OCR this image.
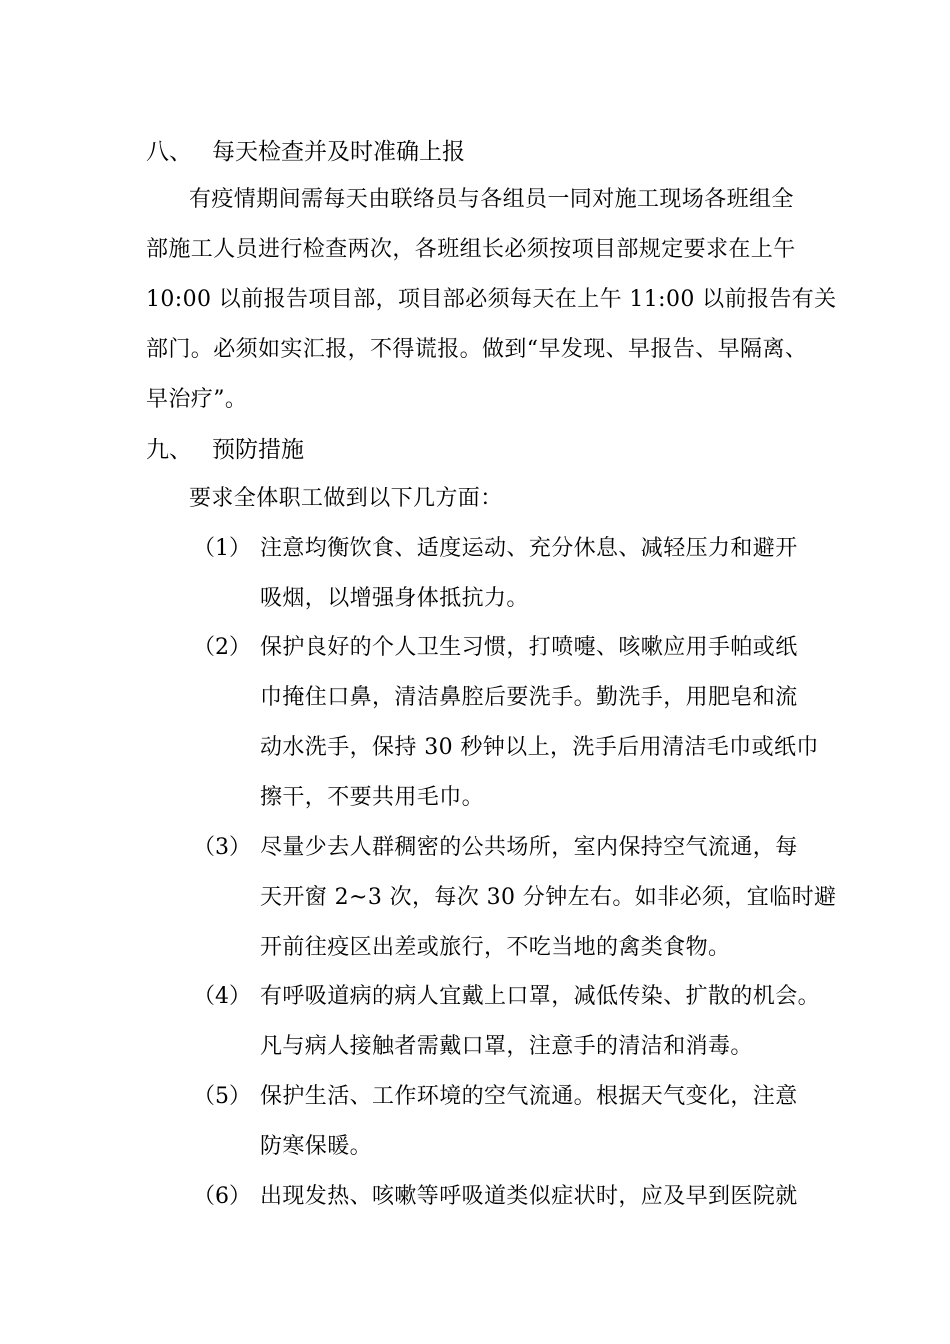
八、 每天检查并及时准确上报
有疫情期间需每天由联络员与各组员一同对施工现场各班组全
部施工人员进行检查两次，各班组长必须按项目部规定要求在上午
10:00 以前报告项目部，项目部必须每天在上午 11:00 以前报告有关
部门。必须如实汇报，不得谎报。做到“早发现、早报告、早隔离、
早治疗”。
九、 预防措施
要求全体职工做到以下几方面：
（1） 注意均衡饮食、适度运动、充分休息、减轻压力和避开
吸烟，以增强身体抵抗力。
（2） 保护良好的个人卫生习惯，打喷嚏、咳嗽应用手帕或纸
巾掩住口鼻，清洁鼻腔后要洗手。勤洗手，用肥皂和流
动水洗手，保持 30 秒钟以上，洗手后用清洁毛巾或纸巾
擦干，不要共用毛巾。
（3） 尽量少去人群稠密的公共场所，室内保持空气流通，每
天开窗 2~3 次，每次 30 分钟左右。如非必须，宜临时避
开前往疫区出差或旅行，不吃当地的禽类食物。
（4） 有呼吸道病的病人宜戴上口罩，减低传染、扩散的机会。
凡与病人接触者需戴口罩，注意手的清洁和消毒。
（5） 保护生活、工作环境的空气流通。根据天气变化，注意
防寒保暖。
（6） 出现发热、咳嗽等呼吸道类似症状时，应及早到医院就
